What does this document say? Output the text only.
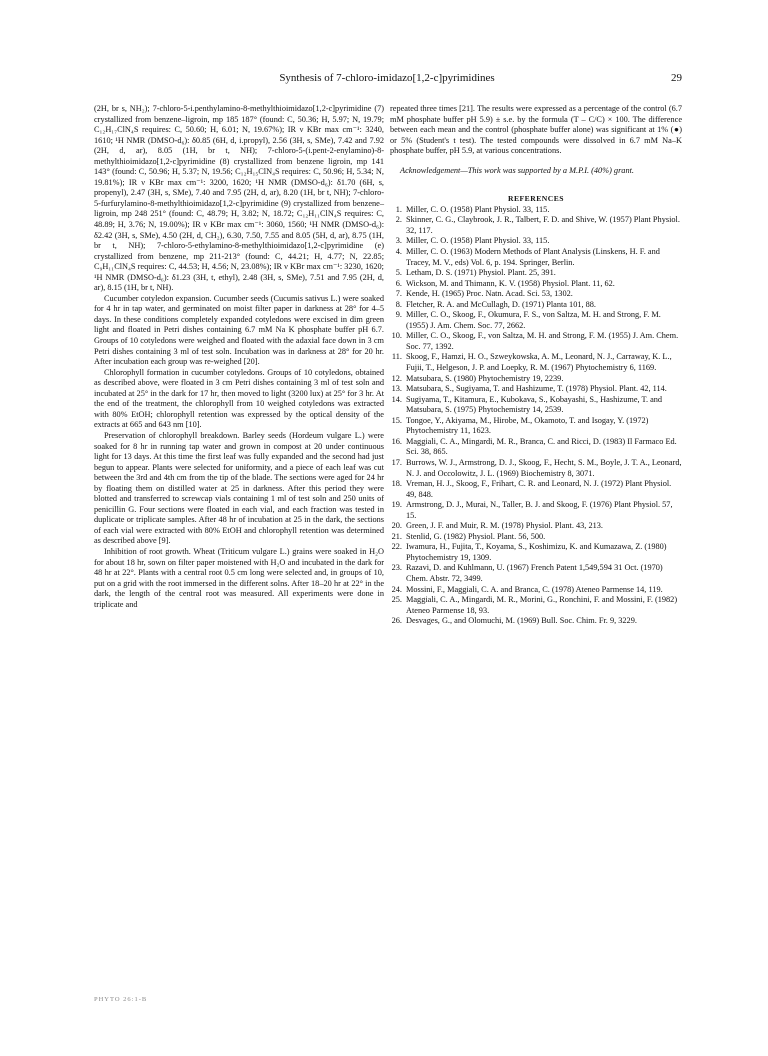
Synthesis of 7-chloro-imidazo[1,2-c]pyrimidines	29

(2H, br s, NH₂); 7-chloro-5-i.penthylamino-8-methylthioimidazo[1,2-c]pyrimidine (7) crystallized from benzene–ligroin, mp 185 187° (found: C, 50.36; H, 5.97; N, 19.79; C₁₂H₁₇ClN₄S requires: C, 50.60; H, 6.01; N, 19.67%); IR ν KBr max cm⁻¹: 3240, 1610; ¹H NMR (DMSO-d₆): δ0.85 (6H, d, i.propyl), 2.56 (3H, s, SMe), 7.42 and 7.92 (2H, d, ar), 8.05 (1H, br t, NH); 7-chloro-5-(i.pent-2-enylamino)-8-methylthioimidazo[1,2-c]pyrimidine (8) crystallized from benzene ligroin, mp 141 143° (found: C, 50.96; H, 5.37; N, 19.56; C₁₂H₁₅ClN₄S requires: C, 50.96; H, 5.34; N, 19.81%); IR ν KBr max cm⁻¹: 3200, 1620; ¹H NMR (DMSO-d₆): δ1.70 (6H, s, propenyl), 2.47 (3H, s, SMe), 7.40 and 7.95 (2H, d, ar), 8.20 (1H, br t, NH); 7-chloro-5-furfurylamino-8-methylthioimidazo[1,2-c]pyrimidine (9) crystallized from benzene–ligroin, mp 248 251° (found: C, 48.79; H, 3.82; N, 18.72; C₁₂H₁₁ClN₄S requires: C, 48.89; H, 3.76; N, 19.00%); IR ν KBr max cm⁻¹: 3060, 1560; ¹H NMR (DMSO-d₆): δ2.42 (3H, s, SMe), 4.50 (2H, d, CH₂), 6.30, 7.50, 7.55 and 8.05 (5H, d, ar), 8.75 (1H, br t, NH); 7-chloro-5-ethylamino-8-methylthioimidazo[1,2-c]pyrimidine (e) crystallized from benzene, mp 211-213° (found: C, 44.21; H, 4.77; N, 22.85; C₉H₁₁ClN₄S requires: C, 44.53; H, 4.56; N, 23.08%); IR ν KBr max cm⁻¹: 3230, 1620; ¹H NMR (DMSO-d₆): δ1.23 (3H, t, ethyl), 2.48 (3H, s, SMe), 7.51 and 7.95 (2H, d, ar), 8.15 (1H, br t, NH).

Cucumber cotyledon expansion. Cucumber seeds (Cucumis sativus L.) were soaked for 4 hr in tap water, and germinated on moist filter paper in darkness at 28° for 4–5 days. In these conditions completely expanded cotyledons were excised in dim green light and floated in Petri dishes containing 6.7 mM Na K phosphate buffer pH 6.7. Groups of 10 cotyledons were weighed and floated with the adaxial face down in 3 cm Petri dishes containing 3 ml of test soln. Incubation was in darkness at 28° for 20 hr. After incubation each group was re-weighed [20].

Chlorophyll formation in cucumber cotyledons. Groups of 10 cotyledons, obtained as described above, were floated in 3 cm Petri dishes containing 3 ml of test soln and incubated at 25° in the dark for 17 hr, then moved to light (3200 lux) at 25° for 3 hr. At the end of the treatment, the chlorophyll from 10 weighed cotyledons was extracted with 80% EtOH; chlorophyll retention was expressed by the optical density of the extracts at 665 and 643 nm [10].

Preservation of chlorophyll breakdown. Barley seeds (Hordeum vulgare L.) were soaked for 8 hr in running tap water and grown in compost at 20 under continuous light for 13 days. At this time the first leaf was fully expanded and the second had just begun to appear. Plants were selected for uniformity, and a piece of each leaf was cut between the 3rd and 4th cm from the tip of the blade. The sections were aged for 24 hr by floating them on distilled water at 25 in darkness. After this period they were blotted and transferred to screwcap vials containing 1 ml of test soln and 250 units of penicillin G. Four sections were floated in each vial, and each fraction was tested in duplicate or triplicate samples. After 48 hr of incubation at 25 in the dark, the sections of each vial were extracted with 80% EtOH and chlorophyll retention was determined as described above [9].

Inhibition of root growth. Wheat (Triticum vulgare L.) grains were soaked in H₂O for about 18 hr, sown on filter paper moistened with H₂O and incubated in the dark for 48 hr at 22°. Plants with a central root 0.5 cm long were selected and, in groups of 10, put on a grid with the root immersed in the different solns. After 18–20 hr at 22° in the dark, the length of the central root was measured. All experiments were done in triplicate and

repeated three times [21]. The results were expressed as a percentage of the control (6.7 mM phosphate buffer pH 5.9) ± s.e. by the formula (T – C/C) × 100. The difference between each mean and the control (phosphate buffer alone) was significant at 1% (●) or 5% (Student's t test). The tested compounds were dissolved in 6.7 mM Na–K phosphate buffer, pH 5.9, at various concentrations.

Acknowledgement—This work was supported by a M.P.I. (40%) grant.

REFERENCES

1. Miller, C. O. (1958) Plant Physiol. 33, 115.
2. Skinner, C. G., Claybrook, J. R., Talbert, F. D. and Shive, W. (1957) Plant Physiol. 32, 117.
3. Miller, C. O. (1958) Plant Physiol. 33, 115.
4. Miller, C. O. (1963) Modern Methods of Plant Analysis (Linskens, H. F. and Tracey, M. V., eds) Vol. 6, p. 194. Springer, Berlin.
5. Letham, D. S. (1971) Physiol. Plant. 25, 391.
6. Wickson, M. and Thimann, K. V. (1958) Physiol. Plant. 11, 62.
7. Kende, H. (1965) Proc. Natn. Acad. Sci. 53, 1302.
8. Fletcher, R. A. and McCullagh, D. (1971) Planta 101, 88.
9. Miller, C. O., Skoog, F., Okumura, F. S., von Saltza, M. H. and Strong, F. M. (1955) J. Am. Chem. Soc. 77, 2662.
10. Miller, C. O., Skoog, F., von Saltza, M. H. and Strong, F. M. (1955) J. Am. Chem. Soc. 77, 1392.
11. Skoog, F., Hamzi, H. O., Szweykowska, A. M., Leonard, N. J., Carraway, K. L., Fujii, T., Helgeson, J. P. and Loepky, R. M. (1967) Phytochemistry 6, 1169.
12. Matsubara, S. (1980) Phytochemistry 19, 2239.
13. Matsubara, S., Sugiyama, T. and Hashizume, T. (1978) Physiol. Plant. 42, 114.
14. Sugiyama, T., Kitamura, E., Kubokava, S., Kobayashi, S., Hashizume, T. and Matsubara, S. (1975) Phytochemistry 14, 2539.
15. Tongoe, Y., Akiyama, M., Hirobe, M., Okamoto, T. and Isogay, Y. (1972) Phytochemistry 11, 1623.
16. Maggiali, C. A., Mingardi, M. R., Branca, C. and Ricci, D. (1983) Il Farmaco Ed. Sci. 38, 865.
17. Burrows, W. J., Armstrong, D. J., Skoog, F., Hecht, S. M., Boyle, J. T. A., Leonard, N. J. and Occolowitz, J. L. (1969) Biochemistry 8, 3071.
18. Vreman, H. J., Skoog, F., Frihart, C. R. and Leonard, N. J. (1972) Plant Physiol. 49, 848.
19. Armstrong, D. J., Murai, N., Taller, B. J. and Skoog, F. (1976) Plant Physiol. 57, 15.
20. Green, J. F. and Muir, R. M. (1978) Physiol. Plant. 43, 213.
21. Stenlid, G. (1982) Physiol. Plant. 56, 500.
22. Iwamura, H., Fujita, T., Koyama, S., Koshimizu, K. and Kumazawa, Z. (1980) Phytochemistry 19, 1309.
23. Razavi, D. and Kuhlmann, U. (1967) French Patent 1,549,594 31 Oct. (1970) Chem. Abstr. 72, 3499.
24. Mossini, F., Maggiali, C. A. and Branca, C. (1978) Ateneo Parmense 14, 119.
25. Maggiali, C. A., Mingardi, M. R., Morini, G., Ronchini, F. and Mossini, F. (1982) Ateneo Parmense 18, 93.
26. Desvages, G., and Olomuchi, M. (1969) Bull. Soc. Chim. Fr. 9, 3229.
PHYTO 26:1-B
